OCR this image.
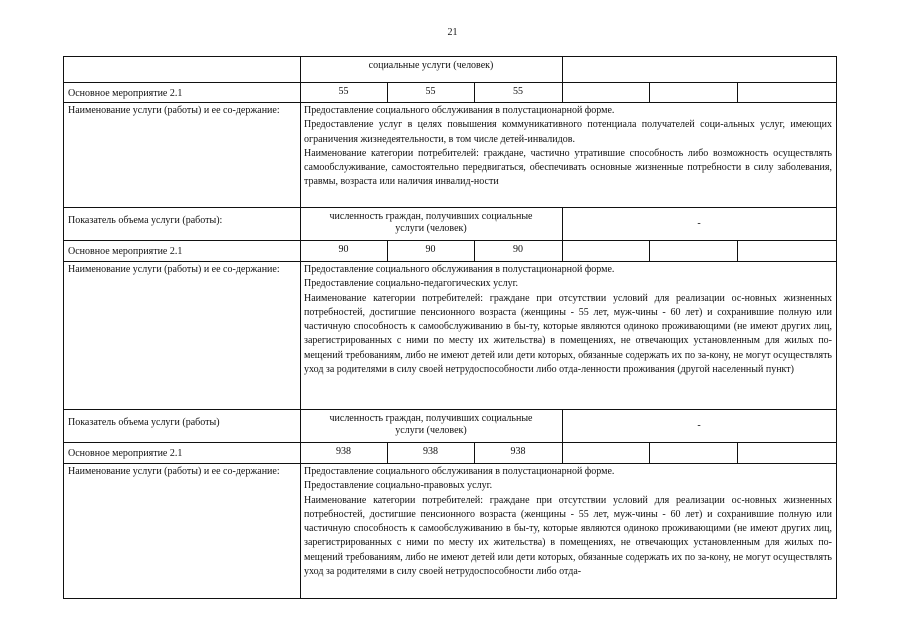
21
социальные услуги (человек)
Основное мероприятие 2.1	55	55	55
Наименование услуги (работы) и ее со-держание:	Предоставление социального обслуживания в полустационарной форме.
Предоставление услуг в целях повышения коммуникативного потенциала получателей соци-альных услуг, имеющих ограничения жизнедеятельности, в том числе детей-инвалидов.
Наименование категории потребителей: граждане, частично утратившие способность либо возможность осуществлять самообслуживание, самостоятельно передвигаться, обеспечивать основные жизненные потребности в силу заболевания, травмы, возраста или наличия инвалид-ности
Показатель объема услуги (работы):	численность граждан, получивших социальные услуги (человек)	-
Основное мероприятие 2.1	90	90	90
Наименование услуги (работы) и ее со-держание:	Предоставление социального обслуживания в полустационарной форме.
Предоставление социально-педагогических услуг.
Наименование категории потребителей: граждане при отсутствии условий для реализации ос-новных жизненных потребностей, достигшие пенсионного возраста (женщины - 55 лет, муж-чины - 60 лет) и сохранившие полную или частичную способность к самообслуживанию в бы-ту, которые являются одиноко проживающими (не имеют других лиц, зарегистрированных с ними по месту их жительства) в помещениях, не отвечающих установленным для жилых по-мещений требованиям, либо не имеют детей или дети которых, обязанные содержать их по за-кону, не могут осуществлять уход за родителями в силу своей нетрудоспособности либо отда-ленности проживания (другой населенный пункт)
Показатель объема услуги (работы)	численность граждан, получивших социальные услуги (человек)	-
Основное мероприятие 2.1	938	938	938
Наименование услуги (работы) и ее со-держание:	Предоставление социального обслуживания в полустационарной форме.
Предоставление социально-правовых услуг.
Наименование категории потребителей: граждане при отсутствии условий для реализации ос-новных жизненных потребностей, достигшие пенсионного возраста (женщины - 55 лет, муж-чины - 60 лет) и сохранившие полную или частичную способность к самообслуживанию в бы-ту, которые являются одиноко проживающими (не имеют других лиц, зарегистрированных с ними по месту их жительства) в помещениях, не отвечающих установленным для жилых по-мещений требованиям, либо не имеют детей или дети которых, обязанные содержать их по за-кону, не могут осуществлять уход за родителями в силу своей нетрудоспособности либо отда-
